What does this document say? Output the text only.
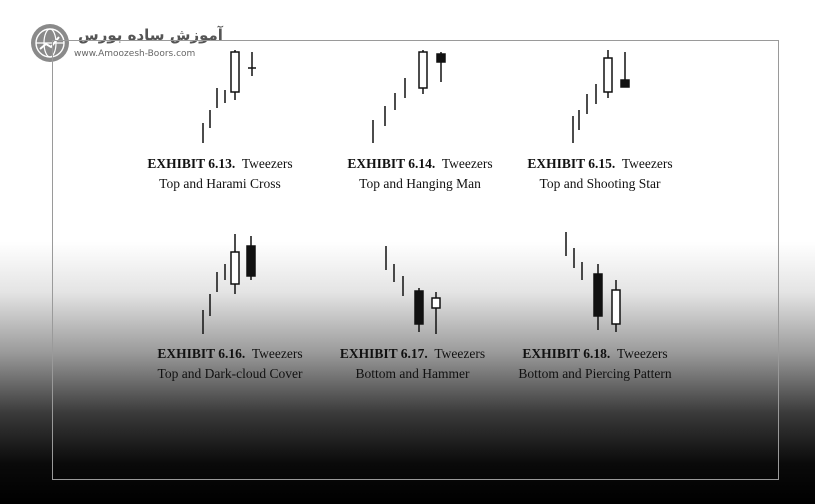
آموزش ساده بورس
www.Amoozesh-Boors.com
EXHIBIT 6.13. Tweezers
Top and Harami Cross
EXHIBIT 6.14. Tweezers
Top and Hanging Man
EXHIBIT 6.15. Tweezers
Top and Shooting Star
EXHIBIT 6.16. Tweezers
Top and Dark-cloud Cover
EXHIBIT 6.17. Tweezers
Bottom and Hammer
EXHIBIT 6.18. Tweezers
Bottom and Piercing Pattern
